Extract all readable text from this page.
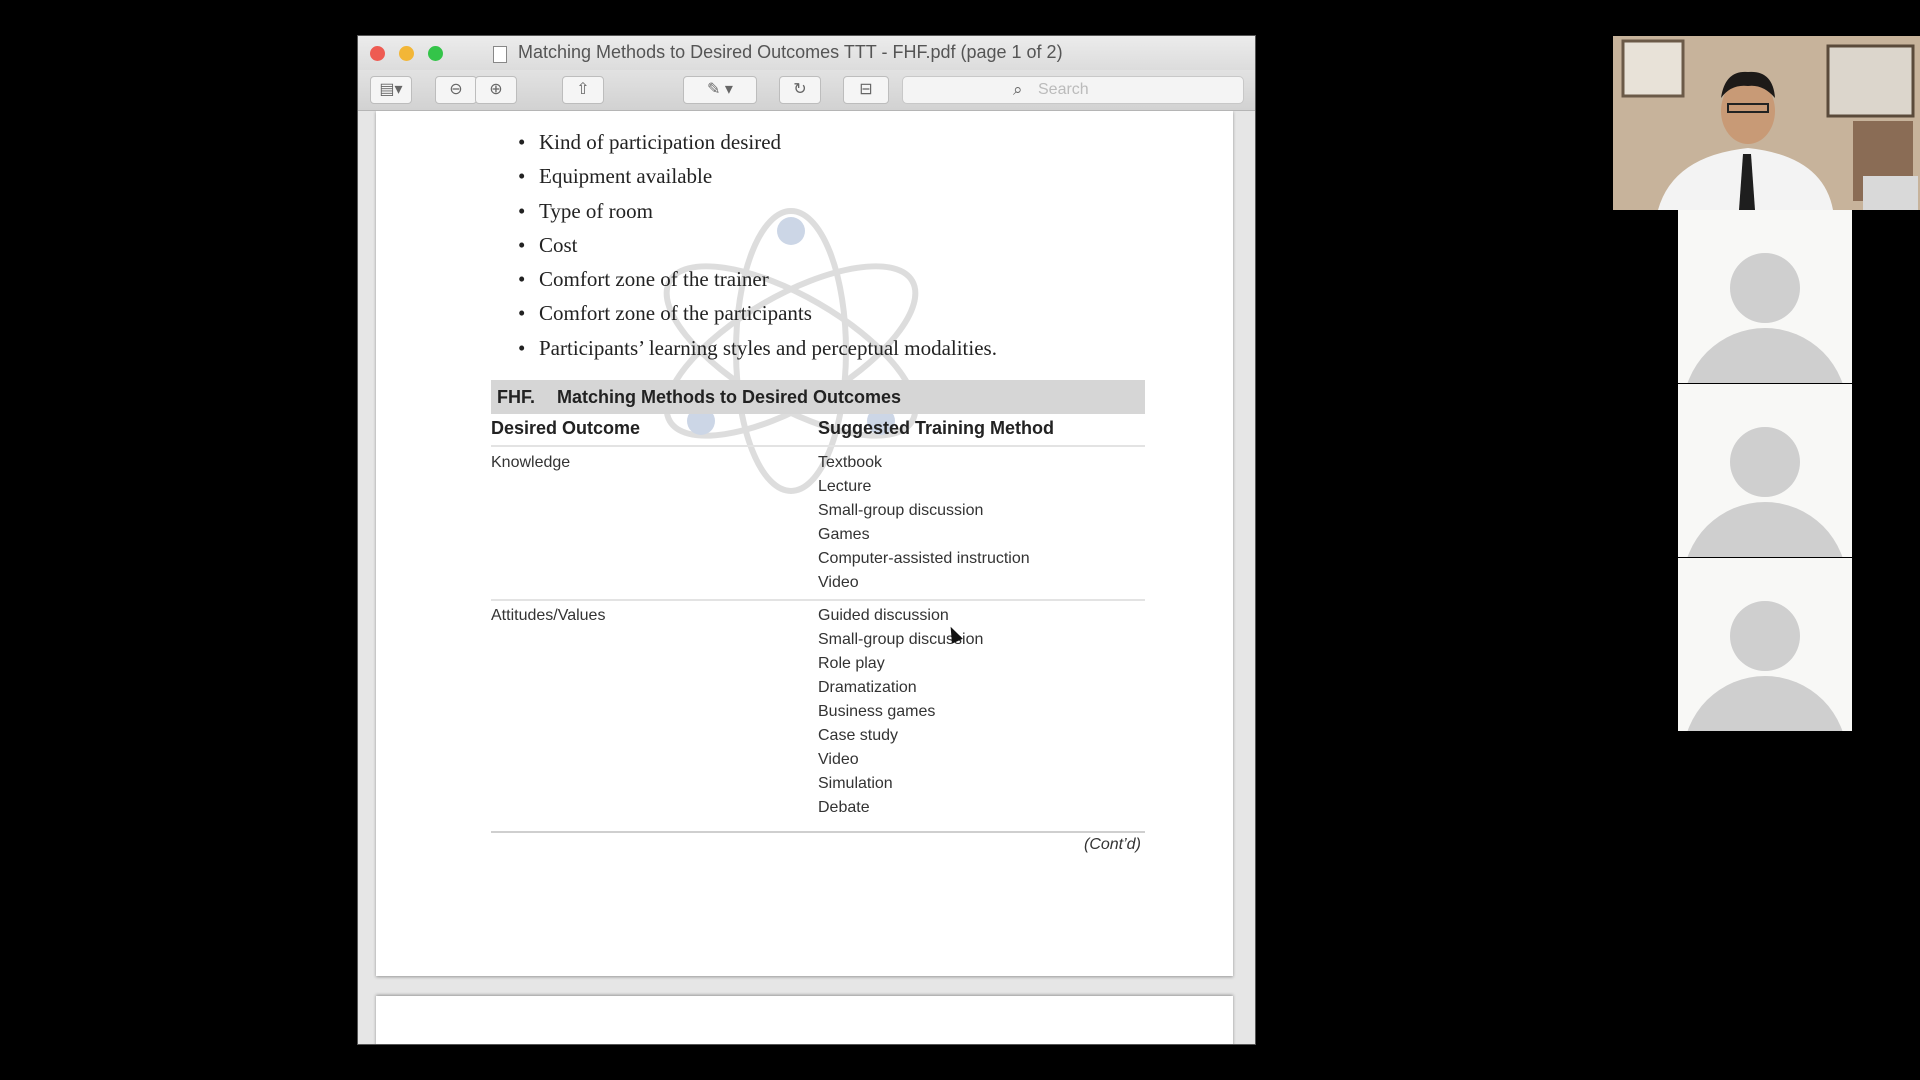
Matching Methods to Desired Outcomes TTT - FHF.pdf (page 1 of 2)
▤▾	⊖	⊕	⇧	✎ ▾	↻	⊟	⌕ Search
• Kind of participation desired
• Equipment available
• Type of room
• Cost
• Comfort zone of the trainer
• Comfort zone of the participants
• Participants’ learning styles and perceptual modalities.
FHF. Matching Methods to Desired Outcomes
Desired Outcome	Suggested Training Method
Knowledge	Textbook
Lecture
Small-group discussion
Games
Computer-assisted instruction
Video
Attitudes/Values	Guided discussion
Small-group discussion
Role play
Dramatization
Business games
Case study
Video
Simulation
Debate
(Cont’d)
